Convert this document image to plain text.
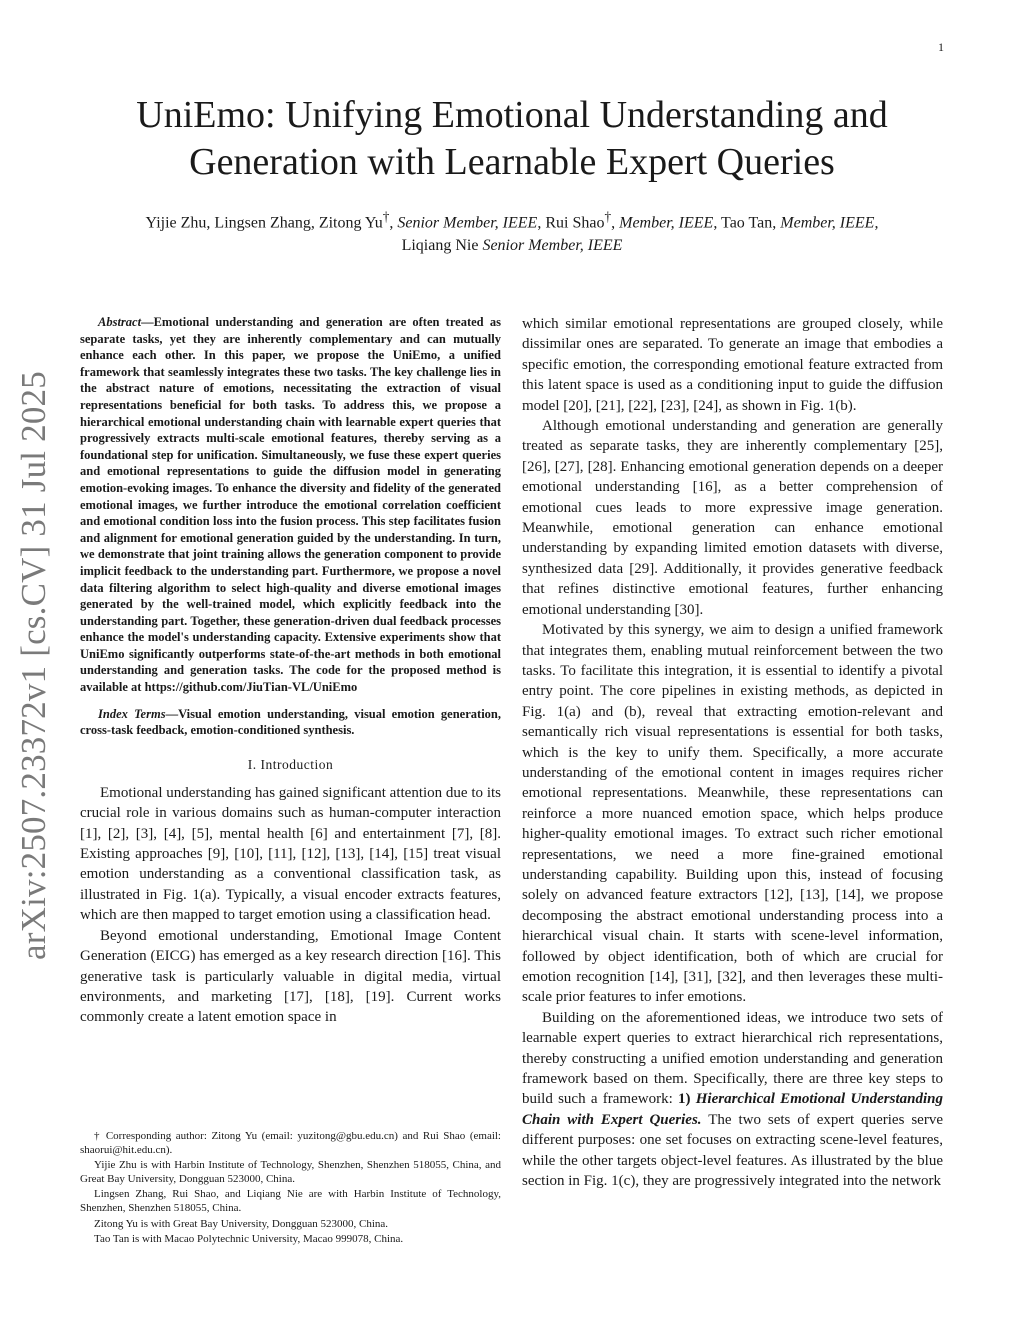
1
arXiv:2507.23372v1 [cs.CV] 31 Jul 2025
UniEmo: Unifying Emotional Understanding and Generation with Learnable Expert Queries
Yijie Zhu, Lingsen Zhang, Zitong Yu†, Senior Member, IEEE, Rui Shao†, Member, IEEE, Tao Tan, Member, IEEE, Liqiang Nie Senior Member, IEEE

Abstract—Emotional understanding and generation are often treated as separate tasks, yet they are inherently complementary and can mutually enhance each other. In this paper, we propose the UniEmo, a unified framework that seamlessly integrates these two tasks. The key challenge lies in the abstract nature of emotions, necessitating the extraction of visual representations beneficial for both tasks. To address this, we propose a hierarchical emotional understanding chain with learnable expert queries that progressively extracts multi-scale emotional features, thereby serving as a foundational step for unification. Simultaneously, we fuse these expert queries and emotional representations to guide the diffusion model in generating emotion-evoking images. To enhance the diversity and fidelity of the generated emotional images, we further introduce the emotional correlation coefficient and emotional condition loss into the fusion process. This step facilitates fusion and alignment for emotional generation guided by the understanding. In turn, we demonstrate that joint training allows the generation component to provide implicit feedback to the understanding part. Furthermore, we propose a novel data filtering algorithm to select high-quality and diverse emotional images generated by the well-trained model, which explicitly feedback into the understanding part. Together, these generation-driven dual feedback processes enhance the model's understanding capacity. Extensive experiments show that UniEmo significantly outperforms state-of-the-art methods in both emotional understanding and generation tasks. The code for the proposed method is available at https://github.com/JiuTian-VL/UniEmo

Index Terms—Visual emotion understanding, visual emotion generation, cross-task feedback, emotion-conditioned synthesis.

I. Introduction

Emotional understanding has gained significant attention due to its crucial role in various domains such as human-computer interaction [1], [2], [3], [4], [5], mental health [6] and entertainment [7], [8]. Existing approaches [9], [10], [11], [12], [13], [14], [15] treat visual emotion understanding as a conventional classification task, as illustrated in Fig. 1(a). Typically, a visual encoder extracts features, which are then mapped to target emotion using a classification head.

Beyond emotional understanding, Emotional Image Content Generation (EICG) has emerged as a key research direction [16]. This generative task is particularly valuable in digital media, virtual environments, and marketing [17], [18], [19]. Current works commonly create a latent emotion space in

† Corresponding author: Zitong Yu (email: yuzitong@gbu.edu.cn) and Rui Shao (email: shaorui@hit.edu.cn).

Yijie Zhu is with Harbin Institute of Technology, Shenzhen, Shenzhen 518055, China, and Great Bay University, Dongguan 523000, China.

Lingsen Zhang, Rui Shao, and Liqiang Nie are with Harbin Institute of Technology, Shenzhen, Shenzhen 518055, China.

Zitong Yu is with Great Bay University, Dongguan 523000, China.

Tao Tan is with Macao Polytechnic University, Macao 999078, China.

which similar emotional representations are grouped closely, while dissimilar ones are separated. To generate an image that embodies a specific emotion, the corresponding emotional feature extracted from this latent space is used as a conditioning input to guide the diffusion model [20], [21], [22], [23], [24], as shown in Fig. 1(b).

Although emotional understanding and generation are generally treated as separate tasks, they are inherently complementary [25], [26], [27], [28]. Enhancing emotional generation depends on a deeper emotional understanding [16], as a better comprehension of emotional cues leads to more expressive image generation. Meanwhile, emotional generation can enhance emotional understanding by expanding limited emotion datasets with diverse, synthesized data [29]. Additionally, it provides generative feedback that refines distinctive emotional features, further enhancing emotional understanding [30].

Motivated by this synergy, we aim to design a unified framework that integrates them, enabling mutual reinforcement between the two tasks. To facilitate this integration, it is essential to identify a pivotal entry point. The core pipelines in existing methods, as depicted in Fig. 1(a) and (b), reveal that extracting emotion-relevant and semantically rich visual representations is essential for both tasks, which is the key to unify them. Specifically, a more accurate understanding of the emotional content in images requires richer emotional representations. Meanwhile, these representations can reinforce a more nuanced emotion space, which helps produce higher-quality emotional images. To extract such richer emotional representations, we need a more fine-grained emotional understanding capability. Building upon this, instead of focusing solely on advanced feature extractors [12], [13], [14], we propose decomposing the abstract emotional understanding process into a hierarchical visual chain. It starts with scene-level information, followed by object identification, both of which are crucial for emotion recognition [14], [31], [32], and then leverages these multi-scale prior features to infer emotions.

Building on the aforementioned ideas, we introduce two sets of learnable expert queries to extract hierarchical rich representations, thereby constructing a unified emotion understanding and generation framework based on them. Specifically, there are three key steps to build such a framework: 1) Hierarchical Emotional Understanding Chain with Expert Queries. The two sets of expert queries serve different purposes: one set focuses on extracting scene-level features, while the other targets object-level features. As illustrated by the blue section in Fig. 1(c), they are progressively integrated into the network
